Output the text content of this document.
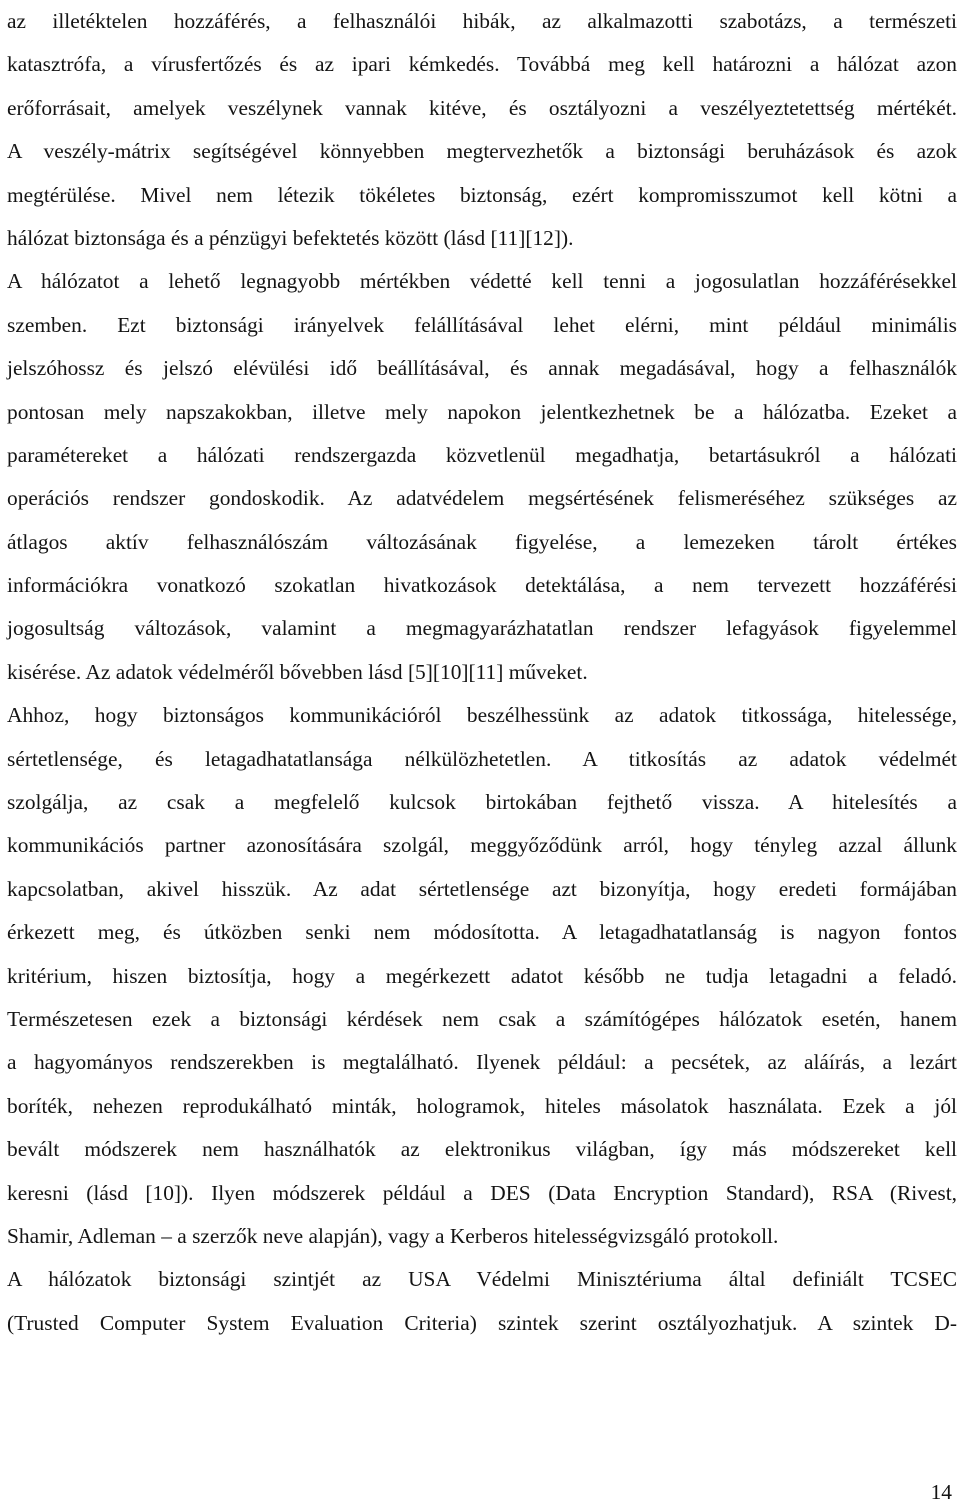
az illetéktelen hozzáférés, a felhasználói hibák, az alkalmazotti szabotázs, a természeti
katasztrófa, a vírusfertőzés és az ipari kémkedés. Továbbá meg kell határozni a hálózat azon
erőforrásait, amelyek veszélynek vannak kitéve, és osztályozni a veszélyeztetettség mértékét.
A veszély-mátrix segítségével könnyebben megtervezhetők a biztonsági beruházások és azok
megtérülése. Mivel nem létezik tökéletes biztonság, ezért kompromisszumot kell kötni a
hálózat biztonsága és a pénzügyi befektetés között (lásd [11][12]).

A hálózatot a lehető legnagyobb mértékben védetté kell tenni a jogosulatlan hozzáférésekkel
szemben. Ezt biztonsági irányelvek felállításával lehet elérni, mint például minimális
jelszóhossz és jelszó elévülési idő beállításával, és annak megadásával, hogy a felhasználók
pontosan mely napszakokban, illetve mely napokon jelentkezhetnek be a hálózatba. Ezeket a
paramétereket a hálózati rendszergazda közvetlenül megadhatja, betartásukról a hálózati
operációs rendszer gondoskodik. Az adatvédelem megsértésének felismeréséhez szükséges az
átlagos aktív felhasználószám változásának figyelése, a lemezeken tárolt értékes
információkra vonatkozó szokatlan hivatkozások detektálása, a nem tervezett hozzáférési
jogosultság változások, valamint a megmagyarázhatatlan rendszer lefagyások figyelemmel
kisérése. Az adatok védelméről bővebben lásd [5][10][11] műveket.

Ahhoz, hogy biztonságos kommunikációról beszélhessünk az adatok titkossága, hitelessége,
sértetlensége, és letagadhatatlansága nélkülözhetetlen. A titkosítás az adatok védelmét
szolgálja, az csak a megfelelő kulcsok birtokában fejthető vissza. A hitelesítés a
kommunikációs partner azonosítására szolgál, meggyőződünk arról, hogy tényleg azzal állunk
kapcsolatban, akivel hisszük. Az adat sértetlensége azt bizonyítja, hogy eredeti formájában
érkezett meg, és útközben senki nem módosította. A letagadhatatlanság is nagyon fontos
kritérium, hiszen biztosítja, hogy a megérkezett adatot később ne tudja letagadni a feladó.
Természetesen ezek a biztonsági kérdések nem csak a számítógépes hálózatok esetén, hanem
a hagyományos rendszerekben is megtalálható. Ilyenek például: a pecsétek, az aláírás, a lezárt
boríték, nehezen reprodukálható minták, hologramok, hiteles másolatok használata. Ezek a jól
bevált módszerek nem használhatók az elektronikus világban, így más módszereket kell
keresni (lásd [10]). Ilyen módszerek például a DES (Data Encryption Standard), RSA (Rivest,
Shamir, Adleman – a szerzők neve alapján), vagy a Kerberos hitelességvizsgáló protokoll.

A hálózatok biztonsági szintjét az USA Védelmi Minisztériuma által definiált TCSEC
(Trusted Computer System Evaluation Criteria) szintek szerint osztályozhatjuk. A szintek D-

14
